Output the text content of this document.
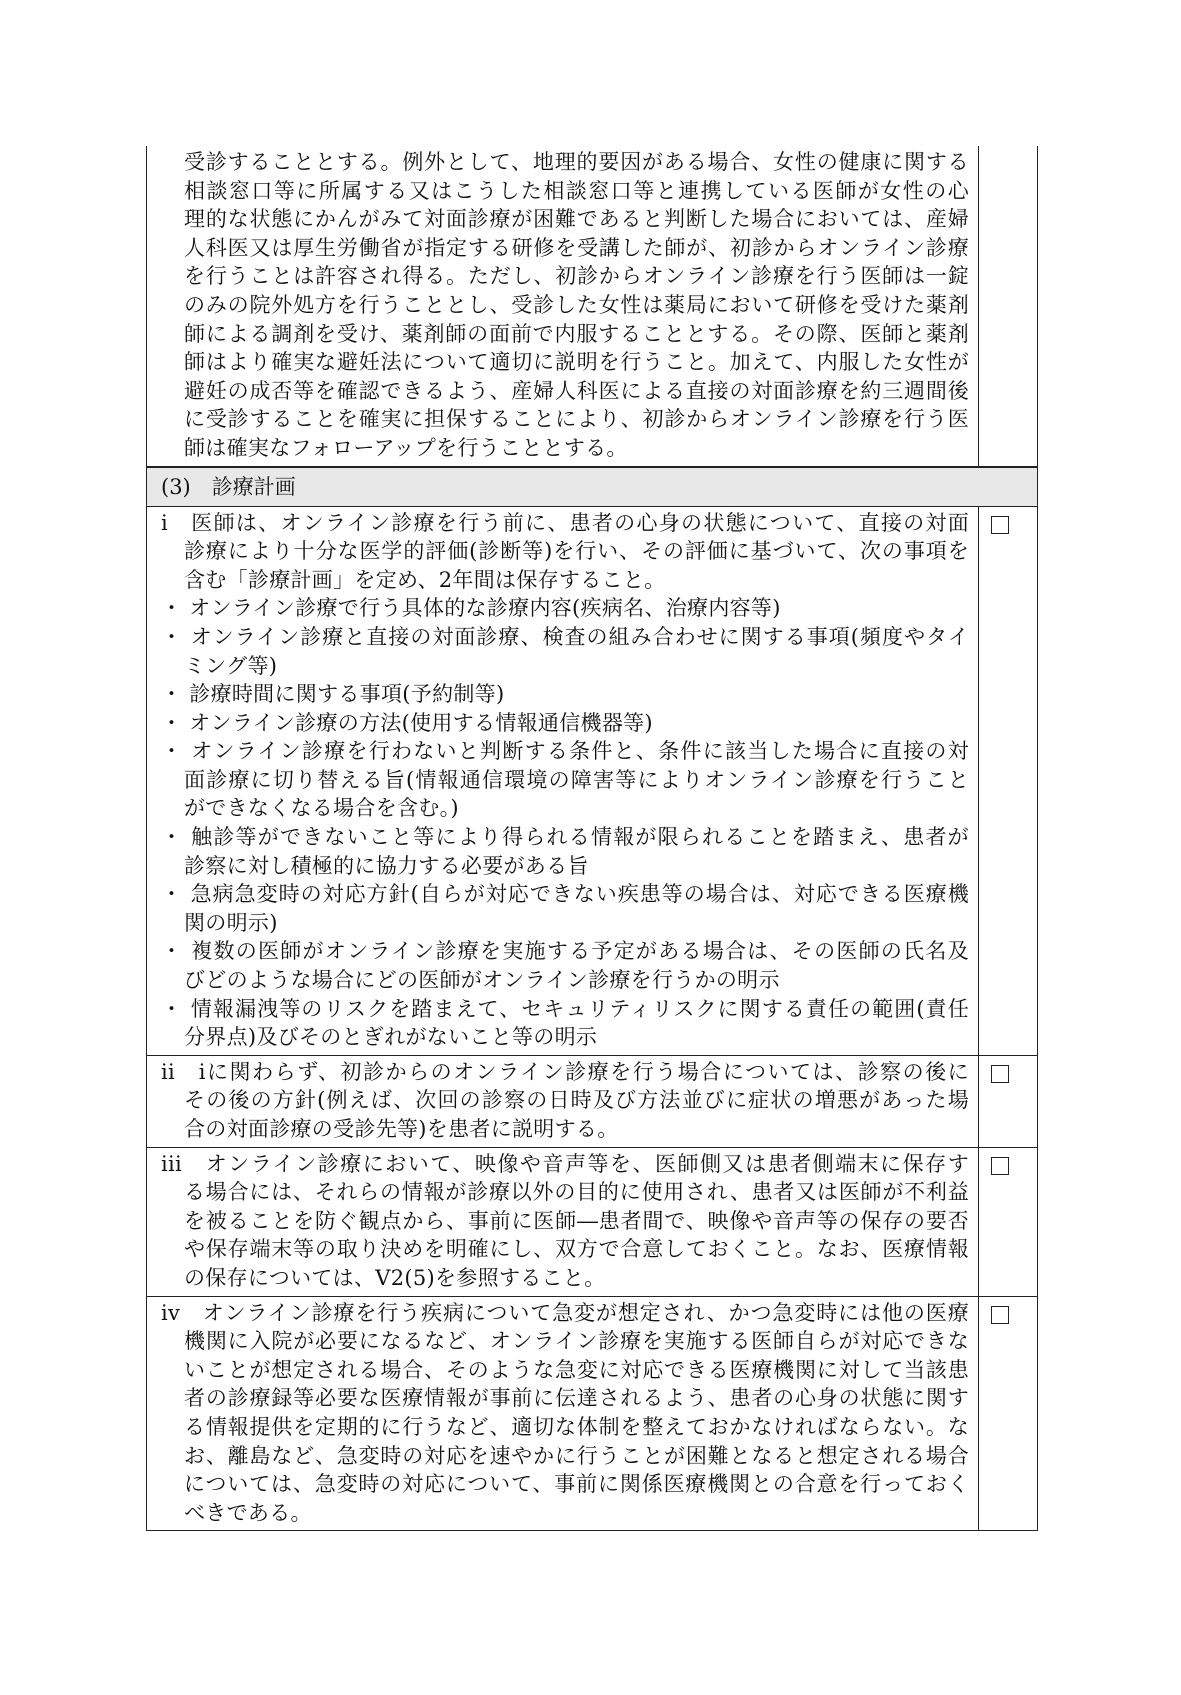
受診することとする。例外として、地理的要因がある場合、女性の健康に関する
相談窓口等に所属する又はこうした相談窓口等と連携している医師が女性の心
理的な状態にかんがみて対面診療が困難であると判断した場合においては、産婦
人科医又は厚生労働省が指定する研修を受講した師が、初診からオンライン診療
を行うことは許容され得る。ただし、初診からオンライン診療を行う医師は一錠
のみの院外処方を行うこととし、受診した女性は薬局において研修を受けた薬剤
師による調剤を受け、薬剤師の面前で内服することとする。その際、医師と薬剤
師はより確実な避妊法について適切に説明を行うこと。加えて、内服した女性が
避妊の成否等を確認できるよう、産婦人科医による直接の対面診療を約三週間後
に受診することを確実に担保することにより、初診からオンライン診療を行う医
師は確実なフォローアップを行うこととする。
(3)　診療計画
i　医師は、オンライン診療を行う前に、患者の心身の状態について、直接の対面
診療により十分な医学的評価(診断等)を行い、その評価に基づいて、次の事項を
含む「診療計画」を定め、2年間は保存すること。
・ オンライン診療で行う具体的な診療内容(疾病名、治療内容等)
・ オンライン診療と直接の対面診療、検査の組み合わせに関する事項(頻度やタイ
ミング等)
・ 診療時間に関する事項(予約制等)
・ オンライン診療の方法(使用する情報通信機器等)
・ オンライン診療を行わないと判断する条件と、条件に該当した場合に直接の対
面診療に切り替える旨(情報通信環境の障害等によりオンライン診療を行うこと
ができなくなる場合を含む。)
・ 触診等ができないこと等により得られる情報が限られることを踏まえ、患者が
診察に対し積極的に協力する必要がある旨
・ 急病急変時の対応方針(自らが対応できない疾患等の場合は、対応できる医療機
関の明示)
・ 複数の医師がオンライン診療を実施する予定がある場合は、その医師の氏名及
びどのような場合にどの医師がオンライン診療を行うかの明示
・ 情報漏洩等のリスクを踏まえて、セキュリティリスクに関する責任の範囲(責任
分界点)及びそのとぎれがないこと等の明示
ii　iに関わらず、初診からのオンライン診療を行う場合については、診察の後に
その後の方針(例えば、次回の診察の日時及び方法並びに症状の増悪があった場
合の対面診療の受診先等)を患者に説明する。
iii　オンライン診療において、映像や音声等を、医師側又は患者側端末に保存す
る場合には、それらの情報が診療以外の目的に使用され、患者又は医師が不利益
を被ることを防ぐ観点から、事前に医師―患者間で、映像や音声等の保存の要否
や保存端末等の取り決めを明確にし、双方で合意しておくこと。なお、医療情報
の保存については、V2(5)を参照すること。
iv　オンライン診療を行う疾病について急変が想定され、かつ急変時には他の医療
機関に入院が必要になるなど、オンライン診療を実施する医師自らが対応できな
いことが想定される場合、そのような急変に対応できる医療機関に対して当該患
者の診療録等必要な医療情報が事前に伝達されるよう、患者の心身の状態に関す
る情報提供を定期的に行うなど、適切な体制を整えておかなければならない。な
お、離島など、急変時の対応を速やかに行うことが困難となると想定される場合
については、急変時の対応について、事前に関係医療機関との合意を行っておく
べきである。
